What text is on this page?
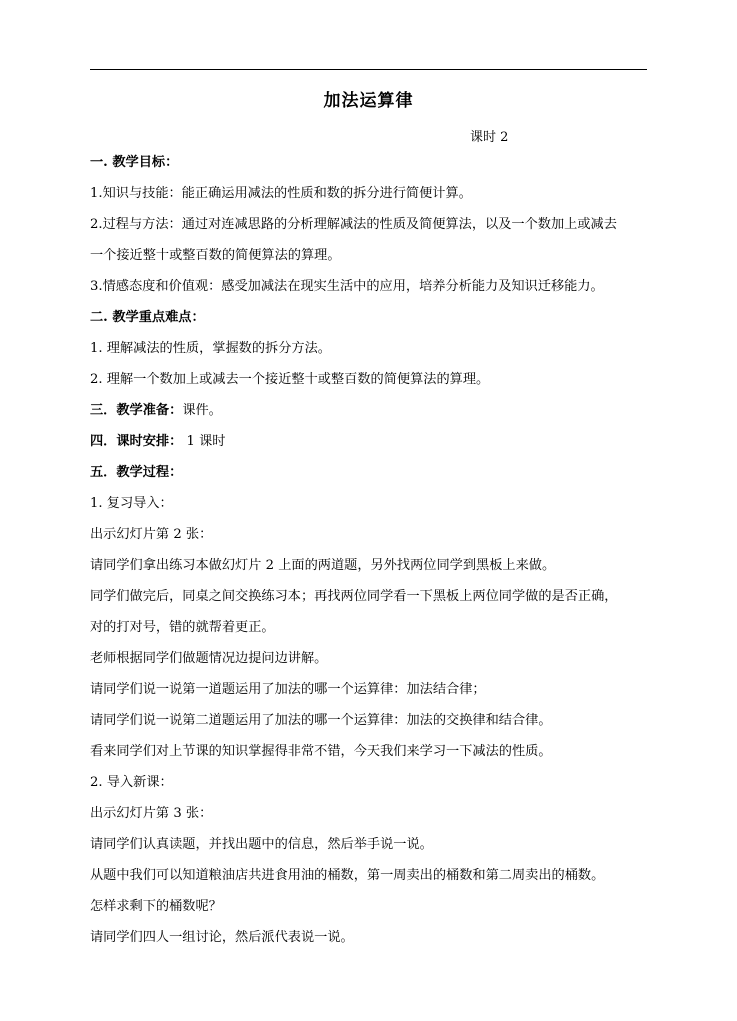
加法运算律
课时 2
一. 教学目标：
1.知识与技能：能正确运用减法的性质和数的拆分进行简便计算。
2.过程与方法：通过对连减思路的分析理解减法的性质及简便算法，以及一个数加上或减去
一个接近整十或整百数的简便算法的算理。
3.情感态度和价值观：感受加减法在现实生活中的应用，培养分析能力及知识迁移能力。
二. 教学重点难点：
1. 理解减法的性质，掌握数的拆分方法。
2. 理解一个数加上或减去一个接近整十或整百数的简便算法的算理。
三．教学准备：课件。
四．课时安排： 1 课时
五．教学过程：
1. 复习导入：
出示幻灯片第 2 张：
请同学们拿出练习本做幻灯片 2 上面的两道题，另外找两位同学到黑板上来做。
同学们做完后，同桌之间交换练习本；再找两位同学看一下黑板上两位同学做的是否正确，
对的打对号，错的就帮着更正。
老师根据同学们做题情况边提问边讲解。
请同学们说一说第一道题运用了加法的哪一个运算律：加法结合律；
请同学们说一说第二道题运用了加法的哪一个运算律：加法的交换律和结合律。
看来同学们对上节课的知识掌握得非常不错，今天我们来学习一下减法的性质。
2. 导入新课：
出示幻灯片第 3 张：
请同学们认真读题，并找出题中的信息，然后举手说一说。
从题中我们可以知道粮油店共进食用油的桶数，第一周卖出的桶数和第二周卖出的桶数。
怎样求剩下的桶数呢？
请同学们四人一组讨论，然后派代表说一说。
